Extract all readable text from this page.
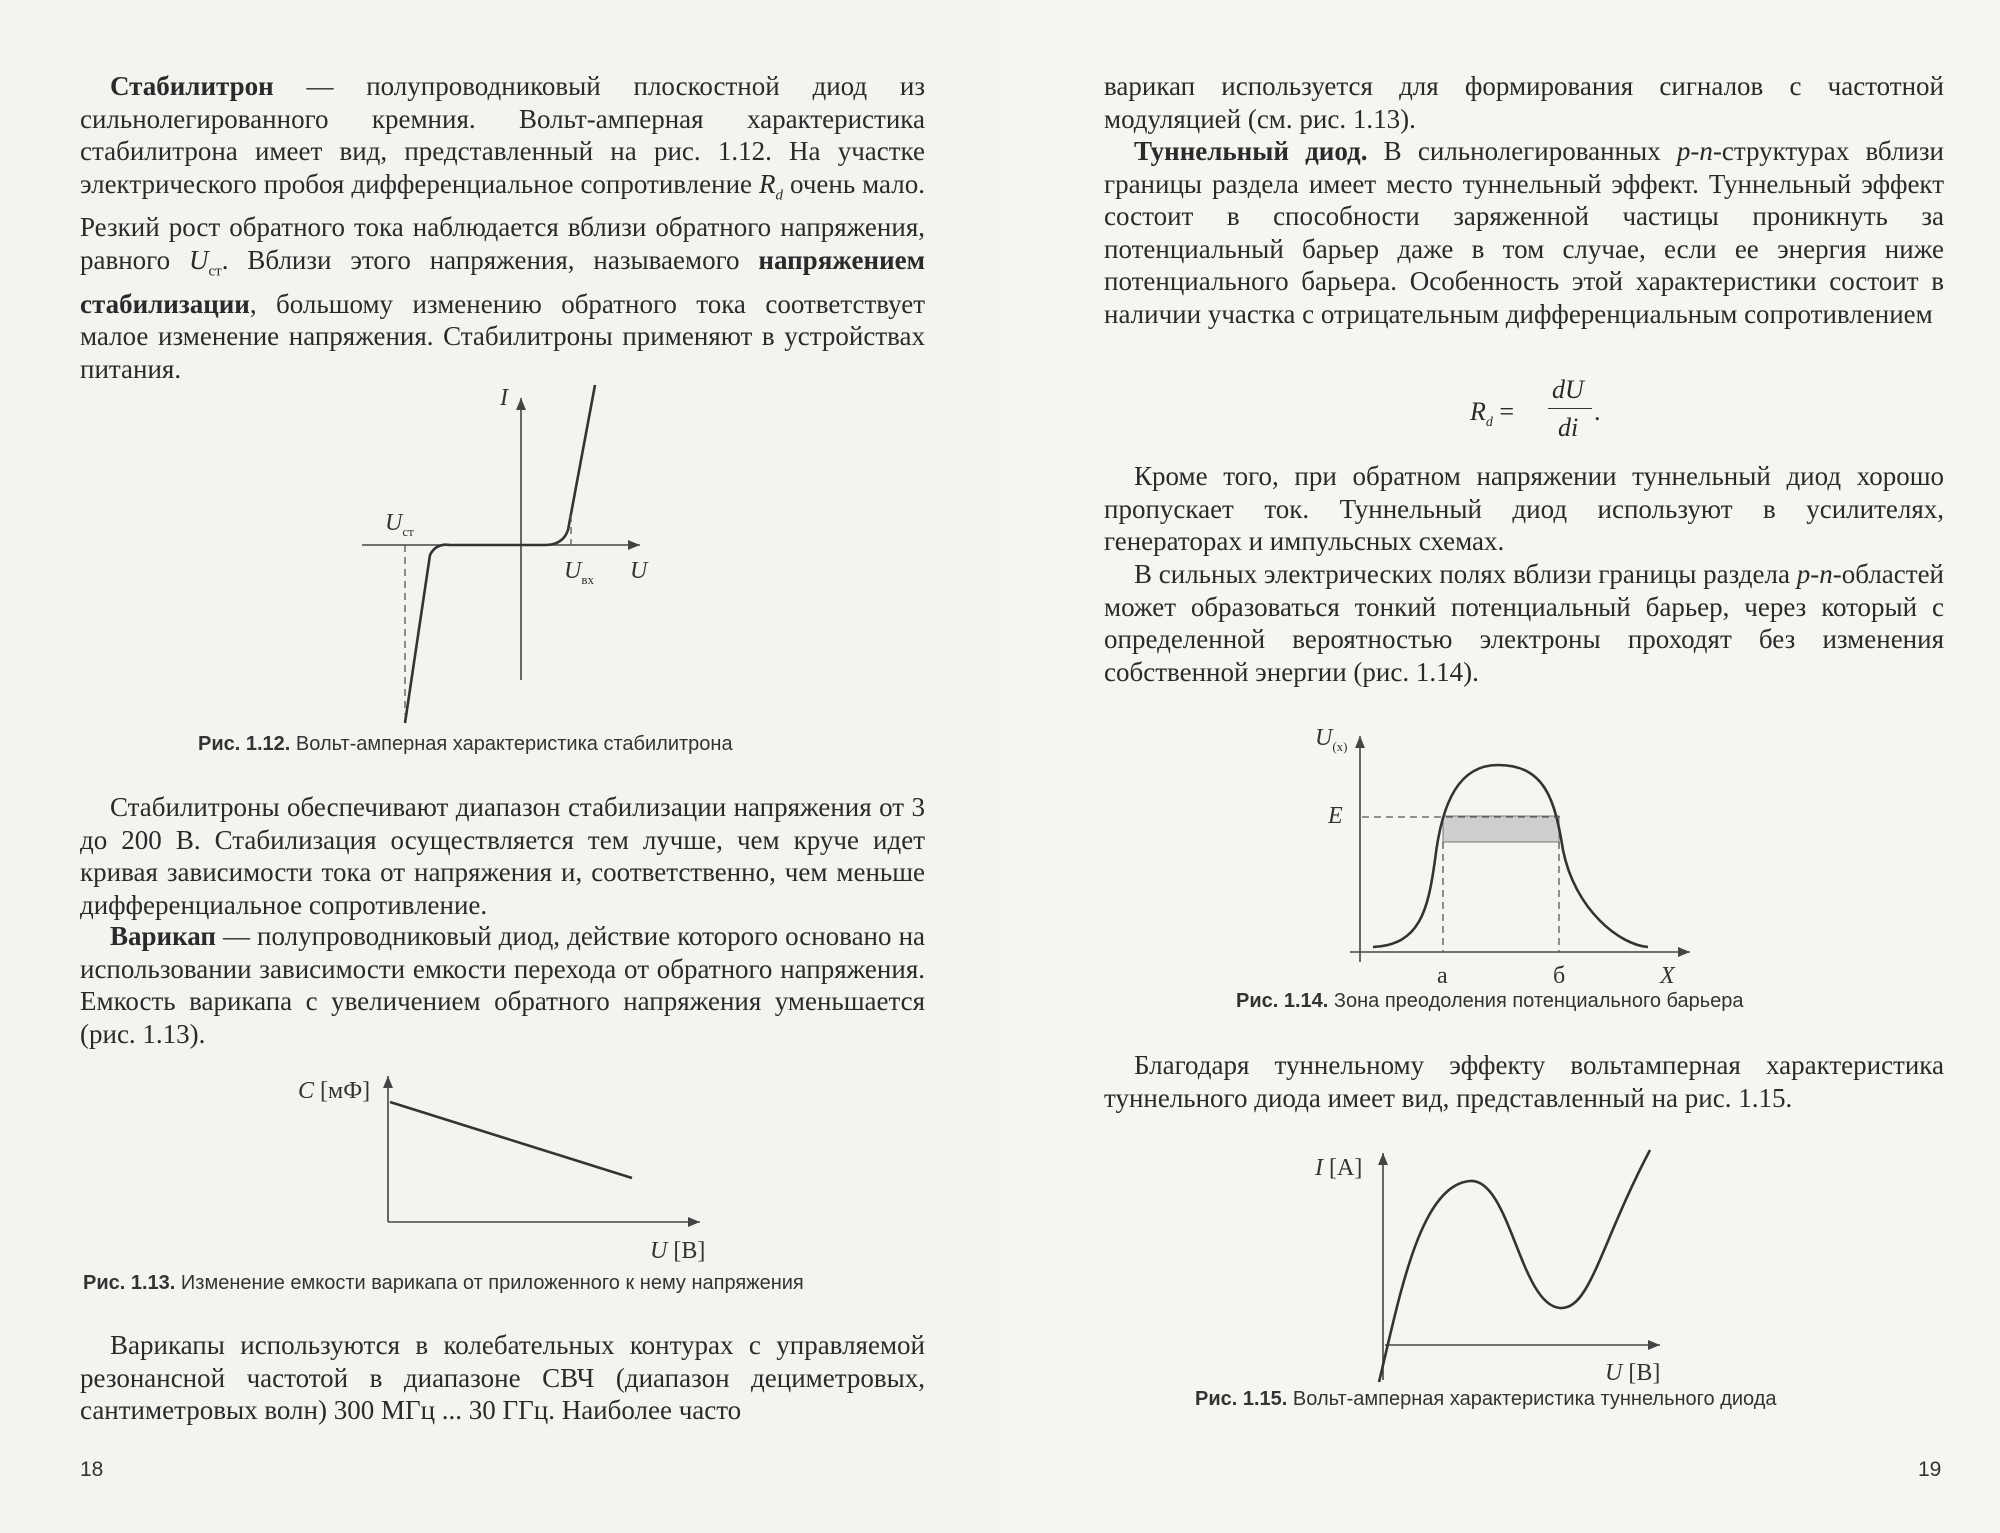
Стабилитрон — полупроводниковый плоскостной диод из сильнолегированного кремния. Вольт-амперная характеристика стабилитрона имеет вид, представленный на рис. 1.12. На участке электрического пробоя дифференциальное сопротивление $R_d$ очень мало. Резкий рост обратного тока наблюдается вблизи обратного напряжения, равного $U_{ст}$. Вблизи этого напряжения, называемого напряжением стабилизации, большому изменению обратного тока соответствует малое изменение напряжения. Стабилитроны применяют в устройствах питания.

I
$U_{ст}$
$U_{вх}$ U

Рис. 1.12. Вольт-амперная характеристика стабилитрона

Стабилитроны обеспечивают диапазон стабилизации напряжения от 3 до 200 В. Стабилизация осуществляется тем лучше, чем круче идет кривая зависимости тока от напряжения и, соответственно, чем меньше дифференциальное сопротивление.

Варикап — полупроводниковый диод, действие которого основано на использовании зависимости емкости перехода от обратного напряжения. Емкость варикапа с увеличением обратного напряжения уменьшается (рис. 1.13).

C [мФ]
U [В]

Рис. 1.13. Изменение емкости варикапа от приложенного к нему напряжения

Варикапы используются в колебательных контурах с управляемой резонансной частотой в диапазоне СВЧ (диапазон дециметровых, сантиметровых волн) 300 МГц ... 30 ГГц. Наиболее часто

18

варикап используется для формирования сигналов с частотной модуляцией (см. рис. 1.13).

Туннельный диод. В сильнолегированных p-n-структурах вблизи границы раздела имеет место туннельный эффект. Туннельный эффект состоит в способности заряженной частицы проникнуть за потенциальный барьер даже в том случае, если ее энергия ниже потенциального барьера. Особенность этой характеристики состоит в наличии участка с отрицательным дифференциальным сопротивлением

$R_d$ =
dU
di
.

Кроме того, при обратном напряжении туннельный диод хорошо пропускает ток. Туннельный диод используют в усилителях, генераторах и импульсных схемах.

В сильных электрических полях вблизи границы раздела p-n-областей может образоваться тонкий потенциальный барьер, через который с определенной вероятностью электроны проходят без изменения собственной энергии (рис. 1.14).

$U_{(x)}$
E
а	б	X

Рис. 1.14. Зона преодоления потенциального барьера

Благодаря туннельному эффекту вольтамперная характеристика туннельного диода имеет вид, представленный на рис. 1.15.

I [А]
U [В]

Рис. 1.15. Вольт-амперная характеристика туннельного диода

19
